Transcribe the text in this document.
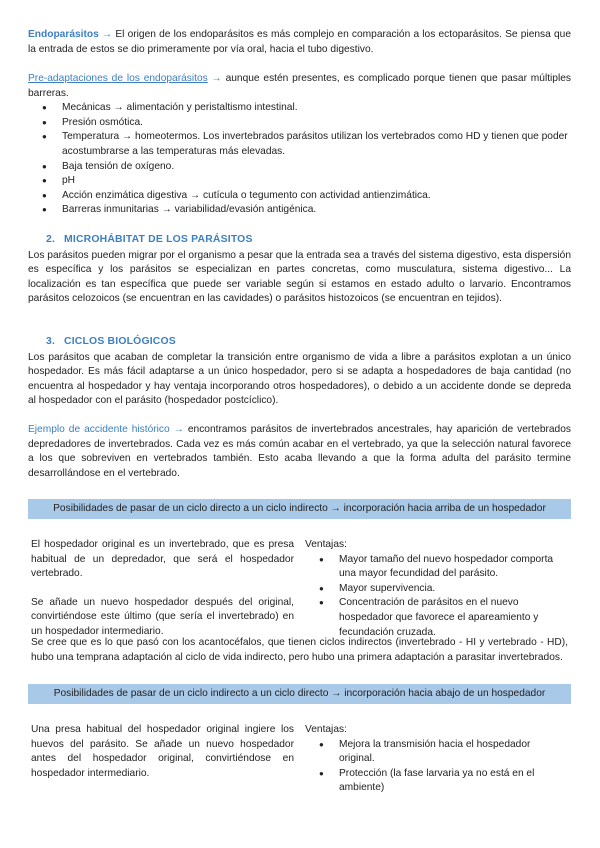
Endoparásitos → El origen de los endoparásitos es más complejo en comparación a los ectoparásitos. Se piensa que la entrada de estos se dio primeramente por vía oral, hacia el tubo digestivo.

Pre-adaptaciones de los endoparásitos → aunque estén presentes, es complicado porque tienen que pasar múltiples barreras.

● Mecánicas → alimentación y peristaltismo intestinal.
● Presión osmótica.
● Temperatura → homeotermos. Los invertebrados parásitos utilizan los vertebrados como HD y tienen que poder acostumbrarse a las temperaturas más elevadas.
● Baja tensión de oxígeno.
● pH
● Acción enzimática digestiva → cutícula o tegumento con actividad antienzimática.
● Barreras inmunitarias → variabilidad/evasión antigénica.
2. MICROHÁBITAT DE LOS PARÁSITOS

Los parásitos pueden migrar por el organismo a pesar que la entrada sea a través del sistema digestivo, esta dispersión es específica y los parásitos se especializan en partes concretas, como musculatura, sistema digestivo... La localización es tan específica que puede ser variable según si estamos en estado adulto o larvario. Encontramos parásitos celozoicos (se encuentran en las cavidades) o parásitos histozoicos (se encuentran en tejidos).

3. CICLOS BIOLÓGICOS

Los parásitos que acaban de completar la transición entre organismo de vida a libre a parásitos explotan a un único hospedador. Es más fácil adaptarse a un único hospedador, pero si se adapta a hospedadores de baja cantidad (no encuentra al hospedador y hay ventaja incorporando otros hospedadores), o debido a un accidente donde se depreda al hospedador con el parásito (hospedador postcíclico).

Ejemplo de accidente histórico → encontramos parásitos de invertebrados ancestrales, hay aparición de vertebrados depredadores de invertebrados. Cada vez es más común acabar en el vertebrado, ya que la selección natural favorece a los que sobreviven en vertebrados también. Esto acaba llevando a que la forma adulta del parásito termine desarrollándose en el vertebrado.

Posibilidades de pasar de un ciclo directo a un ciclo indirecto → incorporación hacia arriba de un hospedador

El hospedador original es un invertebrado, que es presa habitual de un depredador, que será el hospedador vertebrado.

Se añade un nuevo hospedador después del original, convirtiéndose este último (que sería el invertebrado) en un hospedador intermediario.

Ventajas:
● Mayor tamaño del nuevo hospedador comporta una mayor fecundidad del parásito.
● Mayor supervivencia.
● Concentración de parásitos en el nuevo hospedador que favorece el apareamiento y fecundación cruzada.

Se cree que es lo que pasó con los acantocéfalos, que tienen ciclos indirectos (invertebrado - HI y vertebrado - HD), hubo una temprana adaptación al ciclo de vida indirecto, pero hubo una primera adaptación a parasitar invertebrados.

Posibilidades de pasar de un ciclo indirecto a un ciclo directo → incorporación hacia abajo de un hospedador

Una presa habitual del hospedador original ingiere los huevos del parásito. Se añade un nuevo hospedador antes del hospedador original, convirtiéndose en hospedador intermediario.

Ventajas:
● Mejora la transmisión hacia el hospedador original.
● Protección (la fase larvaria ya no está en el ambiente)
